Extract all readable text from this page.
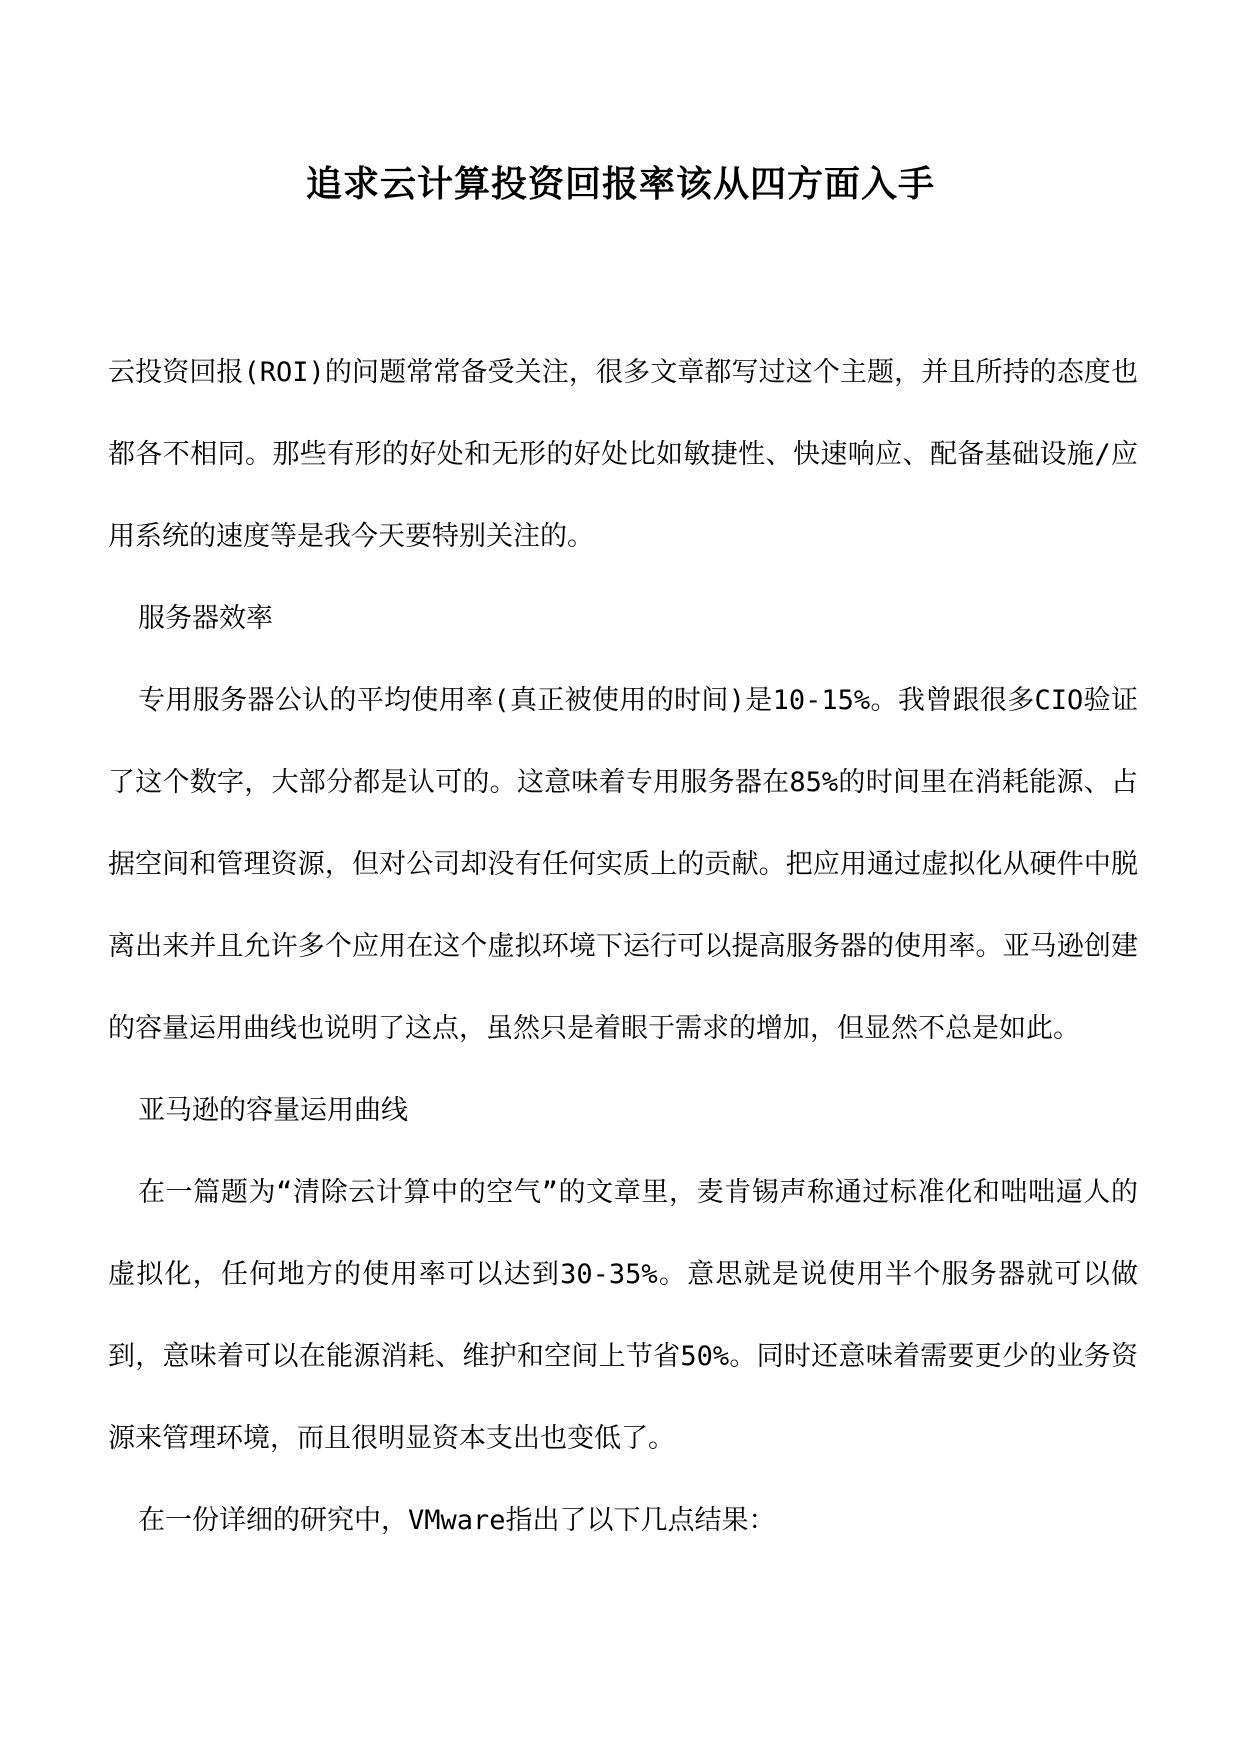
追求云计算投资回报率该从四方面入手

云投资回报(ROI)的问题常常备受关注，很多文章都写过这个主题，并且所持的态度也都各不相同。那些有形的好处和无形的好处比如敏捷性、快速响应、配备基础设施/应用系统的速度等是我今天要特别关注的。

服务器效率

专用服务器公认的平均使用率(真正被使用的时间)是10-15%。我曾跟很多CIO验证了这个数字，大部分都是认可的。这意味着专用服务器在85%的时间里在消耗能源、占据空间和管理资源，但对公司却没有任何实质上的贡献。把应用通过虚拟化从硬件中脱离出来并且允许多个应用在这个虚拟环境下运行可以提高服务器的使用率。亚马逊创建的容量运用曲线也说明了这点，虽然只是着眼于需求的增加，但显然不总是如此。

亚马逊的容量运用曲线

在一篇题为“清除云计算中的空气”的文章里，麦肯锡声称通过标准化和咄咄逼人的虚拟化，任何地方的使用率可以达到30-35%。意思就是说使用半个服务器就可以做到，意味着可以在能源消耗、维护和空间上节省50%。同时还意味着需要更少的业务资源来管理环境，而且很明显资本支出也变低了。

在一份详细的研究中，VMware指出了以下几点结果：
